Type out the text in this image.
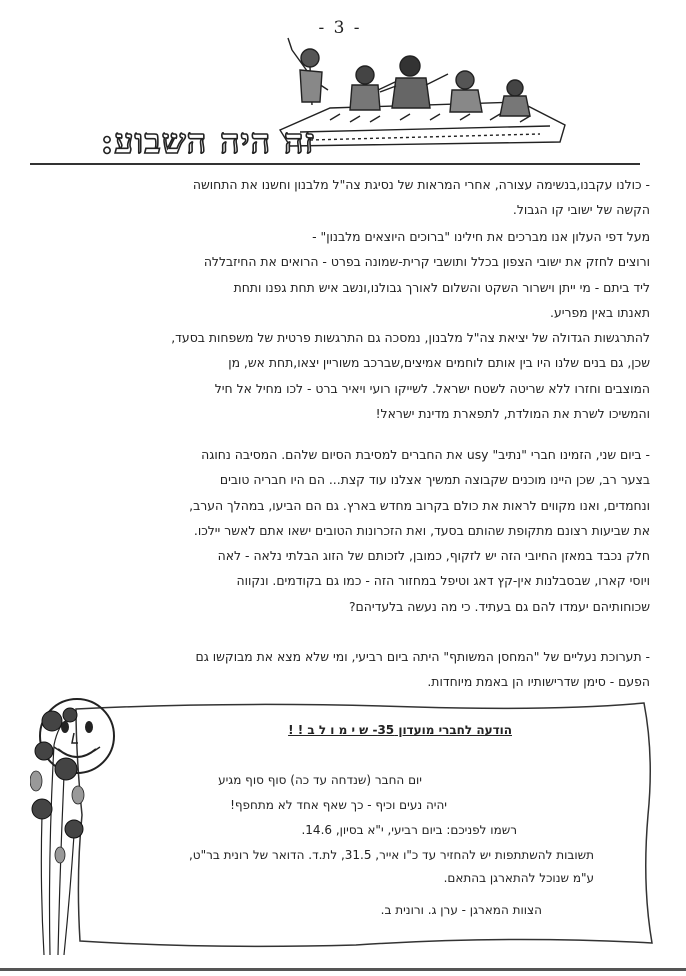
- 3 -
זה היה השבוע:
- כולנו עקבנו,בנשימה עצורה, אחרי המראות של נסיגת צה"ל מלבנון וחשנו את התחושה
הקשה של ישובי קו הגבול.
מעל דפי העלון אנו מברכים את חילינו "ברוכים היוצאים מלבנון" -
ורוצים לחזק את ישובי הצפון בכלל ותושבי קרית-שמונה בפרט - הרואים את החיזבללה
ליד ביתם - מי ייתן וישרור השקט והשלום לאורך גבולנו,ונשב איש תחת גפנו ותחת
תאנתו באין מפריע.
להתרגשות הגדולה של יציאת צה"ל מלבנון, נמסכה גם התרגשות פרטית של משפחות בסעד,
שכן, גם בנים שלנו היו בין אותם לוחמים אמיצים,שברכב משוריין יצאו,תחת אש, מן
המוצבים וחזרו ללא שריטה לשטח ישראל. לשייקו רועי ויאיר ברט - לכו מחיל אל חיל
והמשיכו לשרת את המולדת, לתפארת מדינת ישראל!
- ביום שני, הזמינו חברי "נתיב" usy את החברים למסיבת הסיום שלהם. המסיבה נחוגה
בצער רב, שכן היינו מוכנים שקבוצה תמשיך אצלנו עוד קצת... הם היו חבריה טובים
ונחמדים, ואנו מקווים לראות את כולם בקרוב מחדש בארץ. גם הם הביעו, במהלך הערב,
את שביעות רצונם מתקופת שהותם בסעד, ואת הזכרונות הטובים ישאו אתם לאשר יילכו.
חלק נכבד במאזן החיובי הזה יש לזקוף, כמובן, לזכותם של הזוג הבלתי נלאה - לאה
ויוסי קארו, שבסבלנות אין-קץ דאג וטיפל במחזור הזה - כמו גם בקודמים. ונקווה
שכוחותיהם יעמדו להם גם בעתיד. כי מה נעשה בלעדיהם?
- תערוכת נעליים של "המחסן המשותף" היתה ביום רביעי, ומי שלא מצא את מבוקשו גם
הפעם - סימן שדרישותיו הן באמת מיוחדות.
הודעה לחברי מועדון 35- ש י מ ו ל ב ! !
יום החבר (שנדחה עד כה) סוף סוף מגיע
יהיה נעים וכיף - כך שאף אחד לא מתחפף!
רשמו לפניכם: ביום רביעי, י"א בסיון, 14.6.
תשובות להשתתפות יש להחזיר עד כ"ו אייר, 31.5, לת.ד. הדואר של רונית בר"ט,
ע"מ שנוכל להתארגן בהתאם.
הצוות המארגן - ערן ג. ורונית ב.
